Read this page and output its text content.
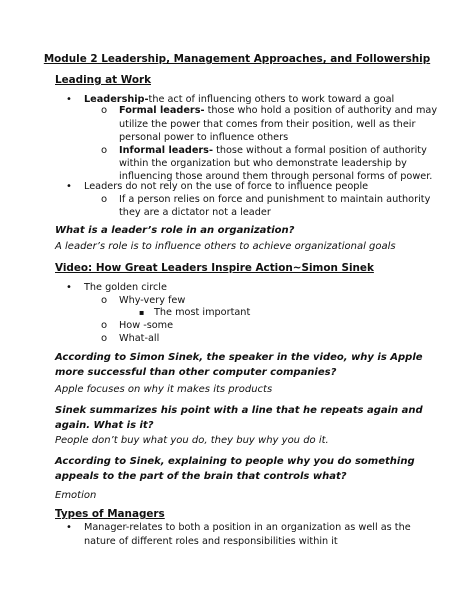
Module 2 Leadership, Management Approaches, and Followership
Leading at Work
• Leadership-the act of influencing others to work toward a goal
o Formal leaders- those who hold a position of authority and may
utilize the power that comes from their position, well as their
personal power to influence others
o Informal leaders- those without a formal position of authority
within the organization but who demonstrate leadership by
influencing those around them through personal forms of power.
• Leaders do not rely on the use of force to influence people
o If a person relies on force and punishment to maintain authority
they are a dictator not a leader
What is a leader’s role in an organization?
A leader’s role is to influence others to achieve organizational goals
Video: How Great Leaders Inspire Action~Simon Sinek
• The golden circle
o Why-very few
▪ The most important
o How -some
o What-all
According to Simon Sinek, the speaker in the video, why is Apple
more successful than other computer companies?
Apple focuses on why it makes its products
Sinek summarizes his point with a line that he repeats again and
again. What is it?
People don’t buy what you do, they buy why you do it.
According to Sinek, explaining to people why you do something
appeals to the part of the brain that controls what?
Emotion
Types of Managers
• Manager-relates to both a position in an organization as well as the
nature of different roles and responsibilities within it
